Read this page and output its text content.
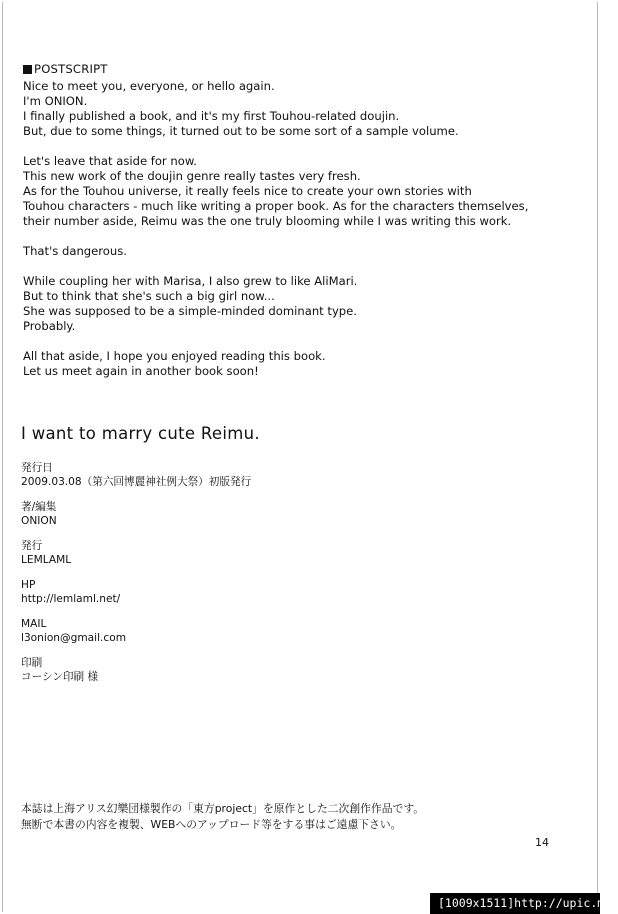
POSTSCRIPT
Nice to meet you, everyone, or hello again.
I'm ONION.
I finally published a book, and it's my first Touhou-related doujin.
But, due to some things, it turned out to be some sort of a sample volume.
Let's leave that aside for now.
This new work of the doujin genre really tastes very fresh.
As for the Touhou universe, it really feels nice to create your own stories with
Touhou characters - much like writing a proper book. As for the characters themselves,
their number aside, Reimu was the one truly blooming while I was writing this work.
That's dangerous.
While coupling her with Marisa, I also grew to like AliMari.
But to think that she's such a big girl now...
She was supposed to be a simple-minded dominant type.
Probably.
All that aside, I hope you enjoyed reading this book.
Let us meet again in another book soon!
I want to marry cute Reimu.
発行日
2009.03.08（第六回博麗神社例大祭）初版発行
著/編集
ONION
発行
LEMLAML
HP
http://lemlaml.net/
MAIL
l3onion@gmail.com
印刷
コーシン印刷 様
本誌は上海アリス幻樂団様製作の「東方project」を原作とした二次創作作品です。
無断で本書の内容を複製、WEBへのアップロード等をする事はご遠慮下さい。
14
[1009x1511]http://upic.me/
